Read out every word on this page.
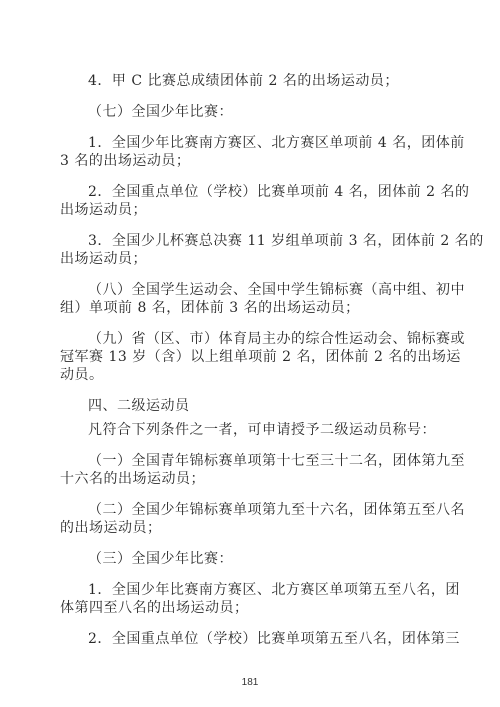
4．甲 C 比赛总成绩团体前 2 名的出场运动员；
（七）全国少年比赛：
1．全国少年比赛南方赛区、北方赛区单项前 4 名，团体前
3 名的出场运动员；
2．全国重点单位（学校）比赛单项前 4 名，团体前 2 名的
出场运动员；
3．全国少儿杯赛总决赛 11 岁组单项前 3 名，团体前 2 名的
出场运动员；
（八）全国学生运动会、全国中学生锦标赛（高中组、初中
组）单项前 8 名，团体前 3 名的出场运动员；
（九）省（区、市）体育局主办的综合性运动会、锦标赛或
冠军赛 13 岁（含）以上组单项前 2 名，团体前 2 名的出场运
动员。
四、二级运动员
凡符合下列条件之一者，可申请授予二级运动员称号：
（一）全国青年锦标赛单项第十七至三十二名，团体第九至
十六名的出场运动员；
（二）全国少年锦标赛单项第九至十六名，团体第五至八名
的出场运动员；
（三）全国少年比赛：
1．全国少年比赛南方赛区、北方赛区单项第五至八名，团
体第四至八名的出场运动员；
2．全国重点单位（学校）比赛单项第五至八名，团体第三
181
